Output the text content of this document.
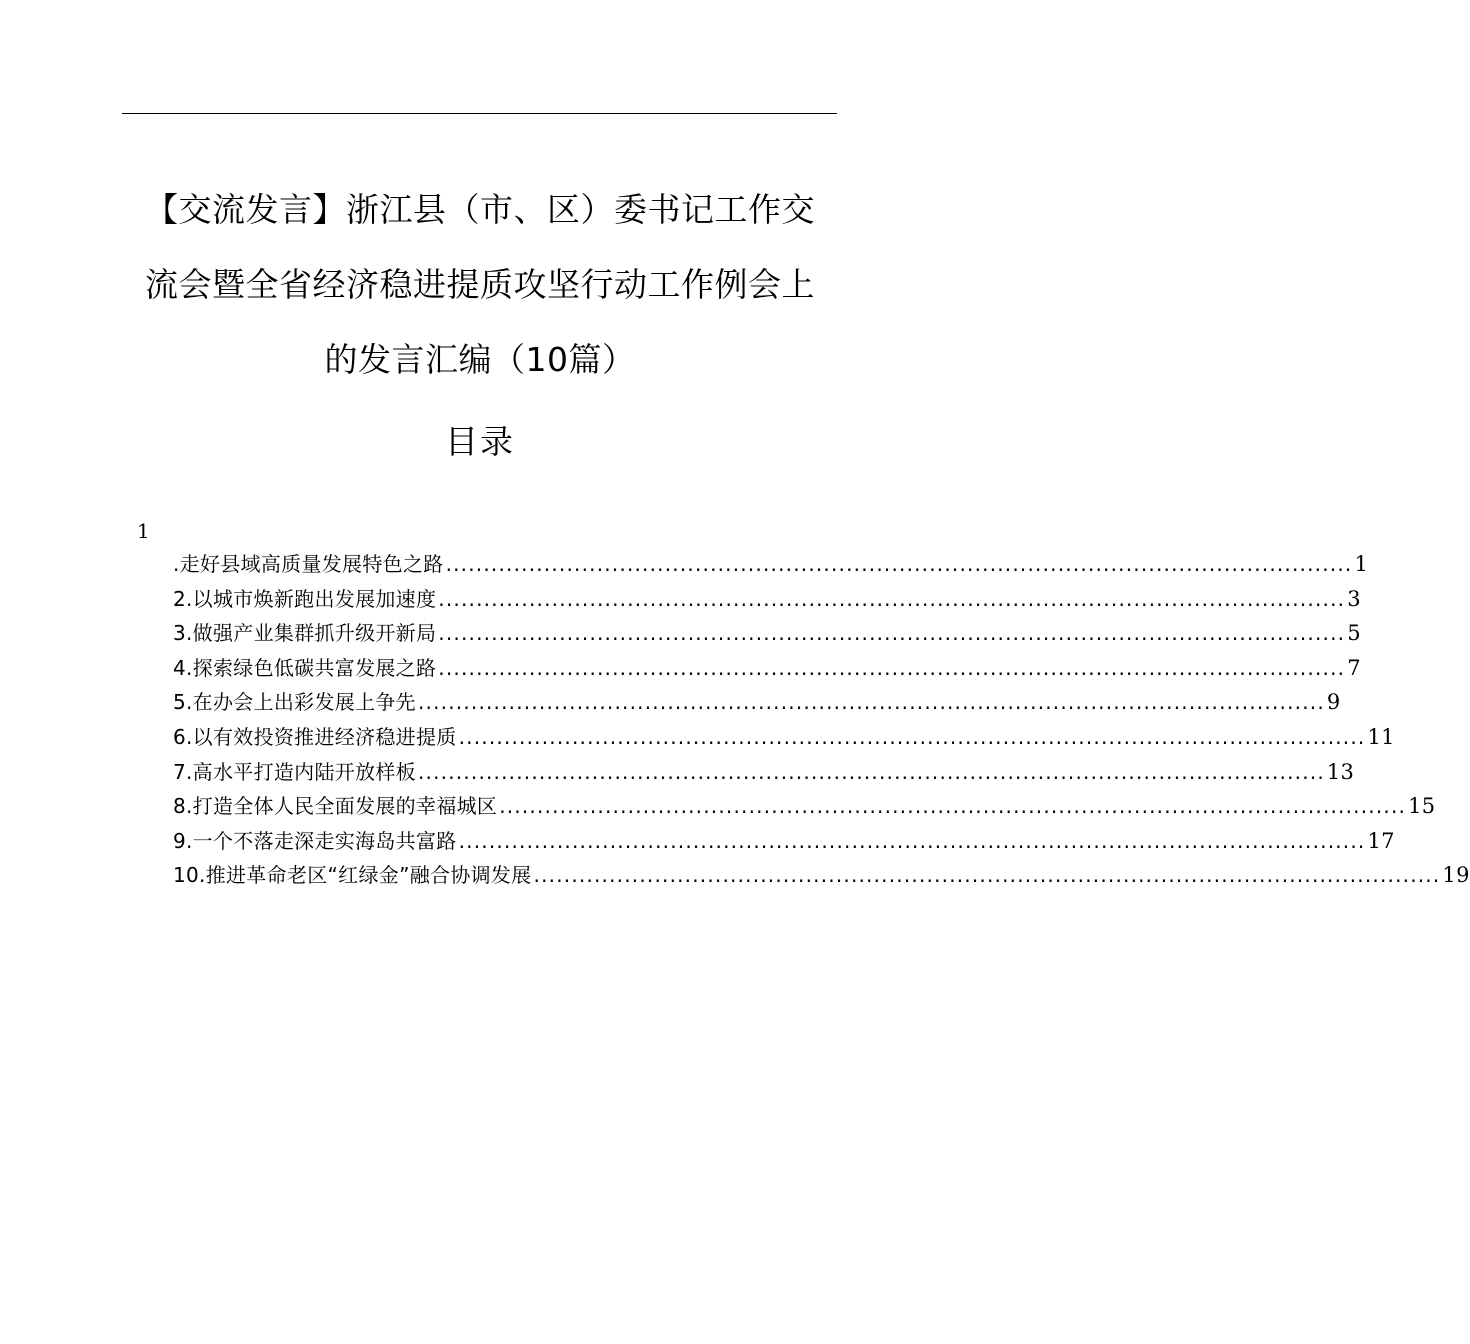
【交流发言】浙江县（市、区）委书记工作交
流会暨全省经济稳进提质攻坚行动工作例会上
的发言汇编（10篇）
目录
1
.走好县域高质量发展特色之路 ........................................................................................................................ 1
2.以城市焕新跑出发展加速度 ........................................................................................................................ 3
3.做强产业集群抓升级开新局 ........................................................................................................................ 5
4.探索绿色低碳共富发展之路 ........................................................................................................................ 7
5.在办会上出彩发展上争先 ........................................................................................................................ 9
6.以有效投资推进经济稳进提质 ........................................................................................................................ 11
7.高水平打造内陆开放样板 ........................................................................................................................ 13
8.打造全体人民全面发展的幸福城区 ........................................................................................................................ 15
9.一个不落走深走实海岛共富路 ........................................................................................................................ 17
10.推进革命老区“红绿金”融合协调发展 ........................................................................................................................ 19
